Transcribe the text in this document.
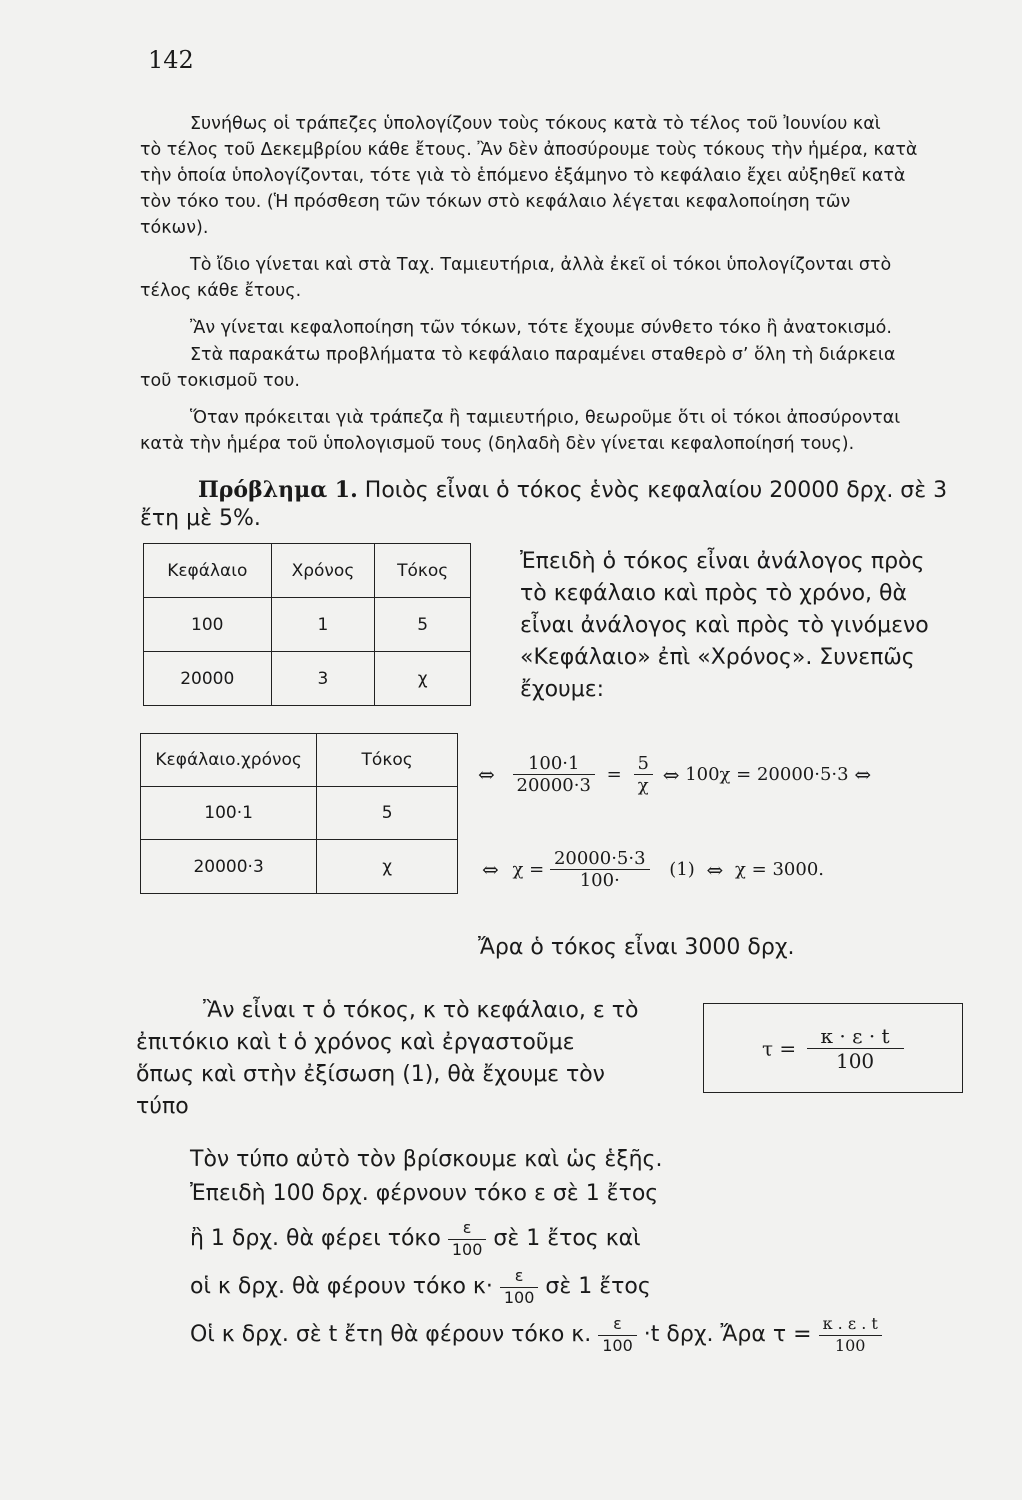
142
Συνήθως οἱ τράπεζες ὑπολογίζουν τοὺς τόκους κατὰ τὸ τέλος τοῦ Ἰουνίου καὶ
τὸ τέλος τοῦ Δεκεμβρίου κάθε ἔτους. Ἂν δὲν ἀποσύρουμε τοὺς τόκους τὴν ἡμέρα, κατὰ
τὴν ὁποία ὑπολογίζονται, τότε γιὰ τὸ ἑπόμενο ἑξάμηνο τὸ κεφάλαιο ἔχει αὐξηθεῖ κατὰ
τὸν τόκο του. (Ἡ πρόσθεση τῶν τόκων στὸ κεφάλαιο λέγεται κεφαλοποίηση τῶν
τόκων).
Τὸ ἴδιο γίνεται καὶ στὰ Ταχ. Ταμιευτήρια, ἀλλὰ ἐκεῖ οἱ τόκοι ὑπολογίζονται στὸ
τέλος κάθε ἔτους.
Ἂν γίνεται κεφαλοποίηση τῶν τόκων, τότε ἔχουμε σύνθετο τόκο ἢ ἀνατοκισμό.
Στὰ παρακάτω προβλήματα τὸ κεφάλαιο παραμένει σταθερὸ σ’ ὅλη τὴ διάρκεια
τοῦ τοκισμοῦ του.
Ὅταν πρόκειται γιὰ τράπεζα ἢ ταμιευτήριο, θεωροῦμε ὅτι οἱ τόκοι ἀποσύρονται
κατὰ τὴν ἡμέρα τοῦ ὑπολογισμοῦ τους (δηλαδὴ δὲν γίνεται κεφαλοποίησή τους).
Πρόβλημα 1. Ποιὸς εἶναι ὁ τόκος ἑνὸς κεφαλαίου 20000 δρχ. σὲ 3
ἔτη μὲ 5%.
Κεφάλαιο	Χρόνος	Τόκος
100	1	5
20000	3	χ
Ἐπειδὴ ὁ τόκος εἶναι ἀνάλογος πρὸς
τὸ κεφάλαιο καὶ πρὸς τὸ χρόνο, θὰ
εἶναι ἀνάλογος καὶ πρὸς τὸ γινόμενο
«Κεφάλαιο» ἐπὶ «Χρόνος». Συνεπῶς
ἔχουμε:
Κεφάλαιο.χρόνος	Τόκος
100·1	5
20000·3	χ
⇔ $\frac{100\cdot 1}{20000\cdot 3} = \frac{5}{\chi}$ ⇔ 100χ = 20000·5·3 ⇔
⇔ $\chi = \frac{20000\cdot 5\cdot 3}{100\cdot} (1)$ ⇔ χ = 3000.
Ἄρα ὁ τόκος εἶναι 3000 δρχ.
Ἂν εἶναι τ ὁ τόκος, κ τὸ κεφάλαιο, ε τὸ
ἐπιτόκιο καὶ t ὁ χρόνος καὶ ἐργαστοῦμε
ὅπως καὶ στὴν ἐξίσωση (1), θὰ ἔχουμε τὸν
τύπο
$\tau = \frac{\kappa \cdot \varepsilon \cdot t}{100}$
Τὸν τύπο αὐτὸ τὸν βρίσκουμε καὶ ὡς ἑξῆς.
Ἐπειδὴ 100 δρχ. φέρνουν τόκο ε σὲ 1 ἔτος
ἢ 1 δρχ. θὰ φέρει τόκο $\frac{\varepsilon}{100}$ σὲ 1 ἔτος καὶ
οἱ κ δρχ. θὰ φέρουν τόκο $\kappa\cdot \frac{\varepsilon}{100}$ σὲ 1 ἔτος
Οἱ κ δρχ. σὲ t ἔτη θὰ φέρουν τόκο κ. $\frac{\varepsilon}{100} \cdot t$ δρχ. Ἄρα $\tau = \frac{\kappa . \varepsilon . t}{100}$
